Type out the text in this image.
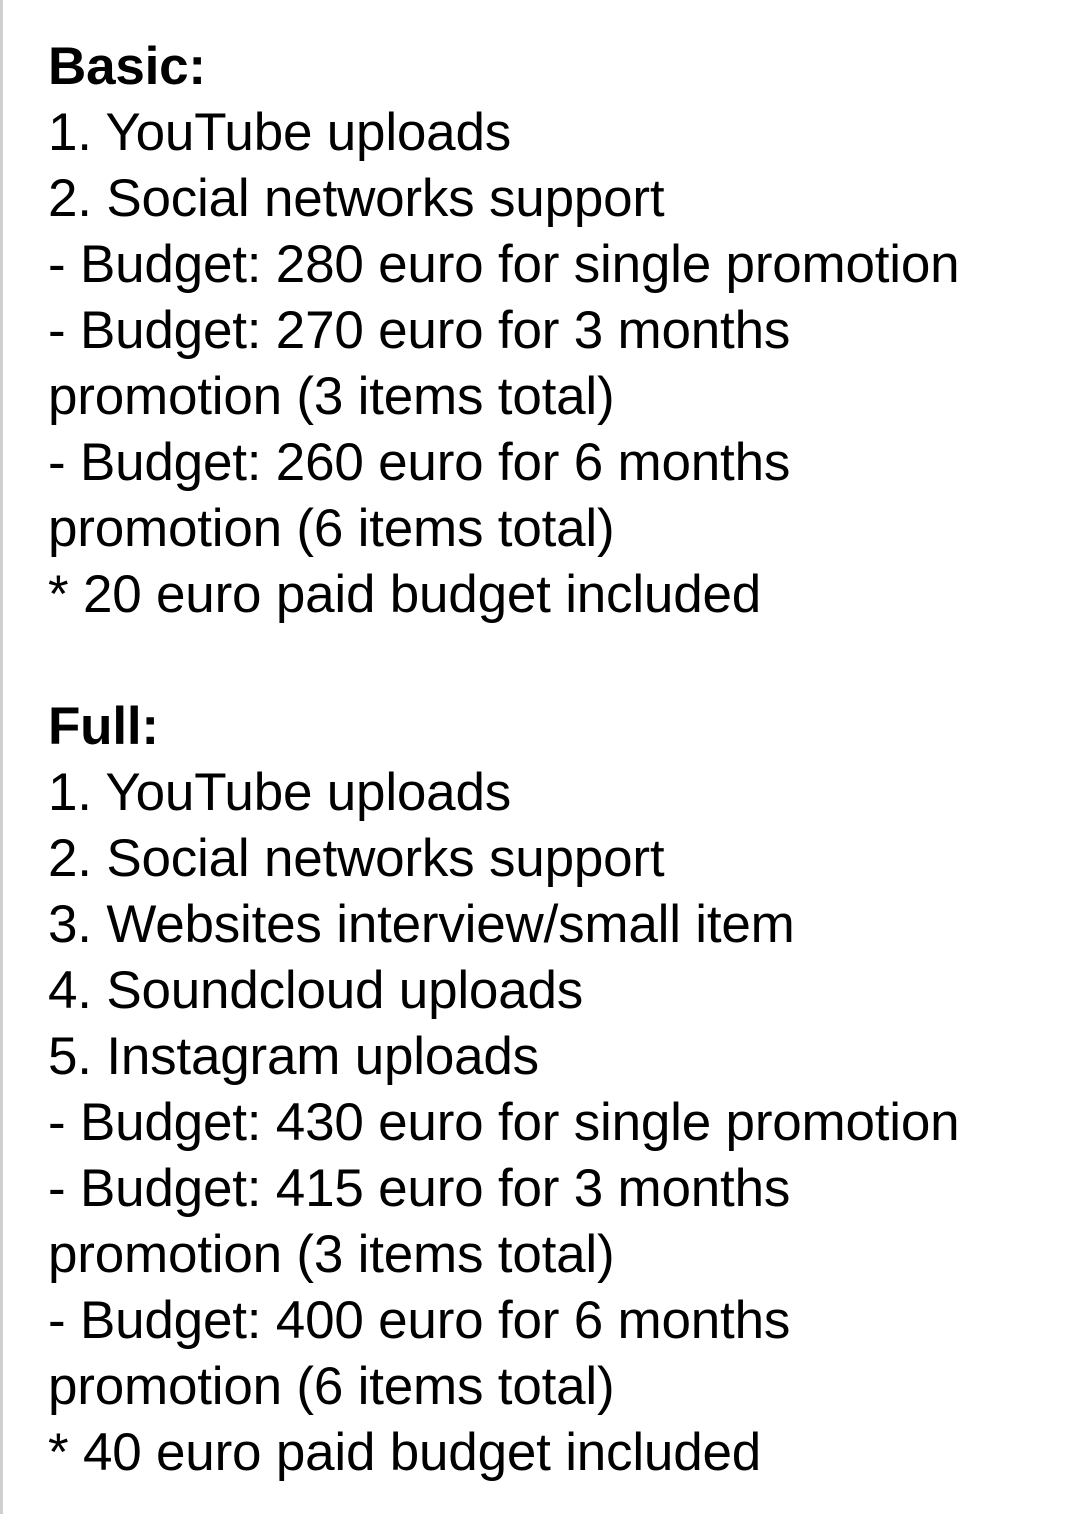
Basic:
1. YouTube uploads
2. Social networks support
- Budget: 280 euro for single promotion
- Budget: 270 euro for 3 months
promotion (3 items total)
- Budget: 260 euro for 6 months
promotion (6 items total)
* 20 euro paid budget included
Full:
1. YouTube uploads
2. Social networks support
3. Websites interview/small item
4. Soundcloud uploads
5. Instagram uploads
- Budget: 430 euro for single promotion
- Budget: 415 euro for 3 months
promotion (3 items total)
- Budget: 400 euro for 6 months
promotion (6 items total)
* 40 euro paid budget included
